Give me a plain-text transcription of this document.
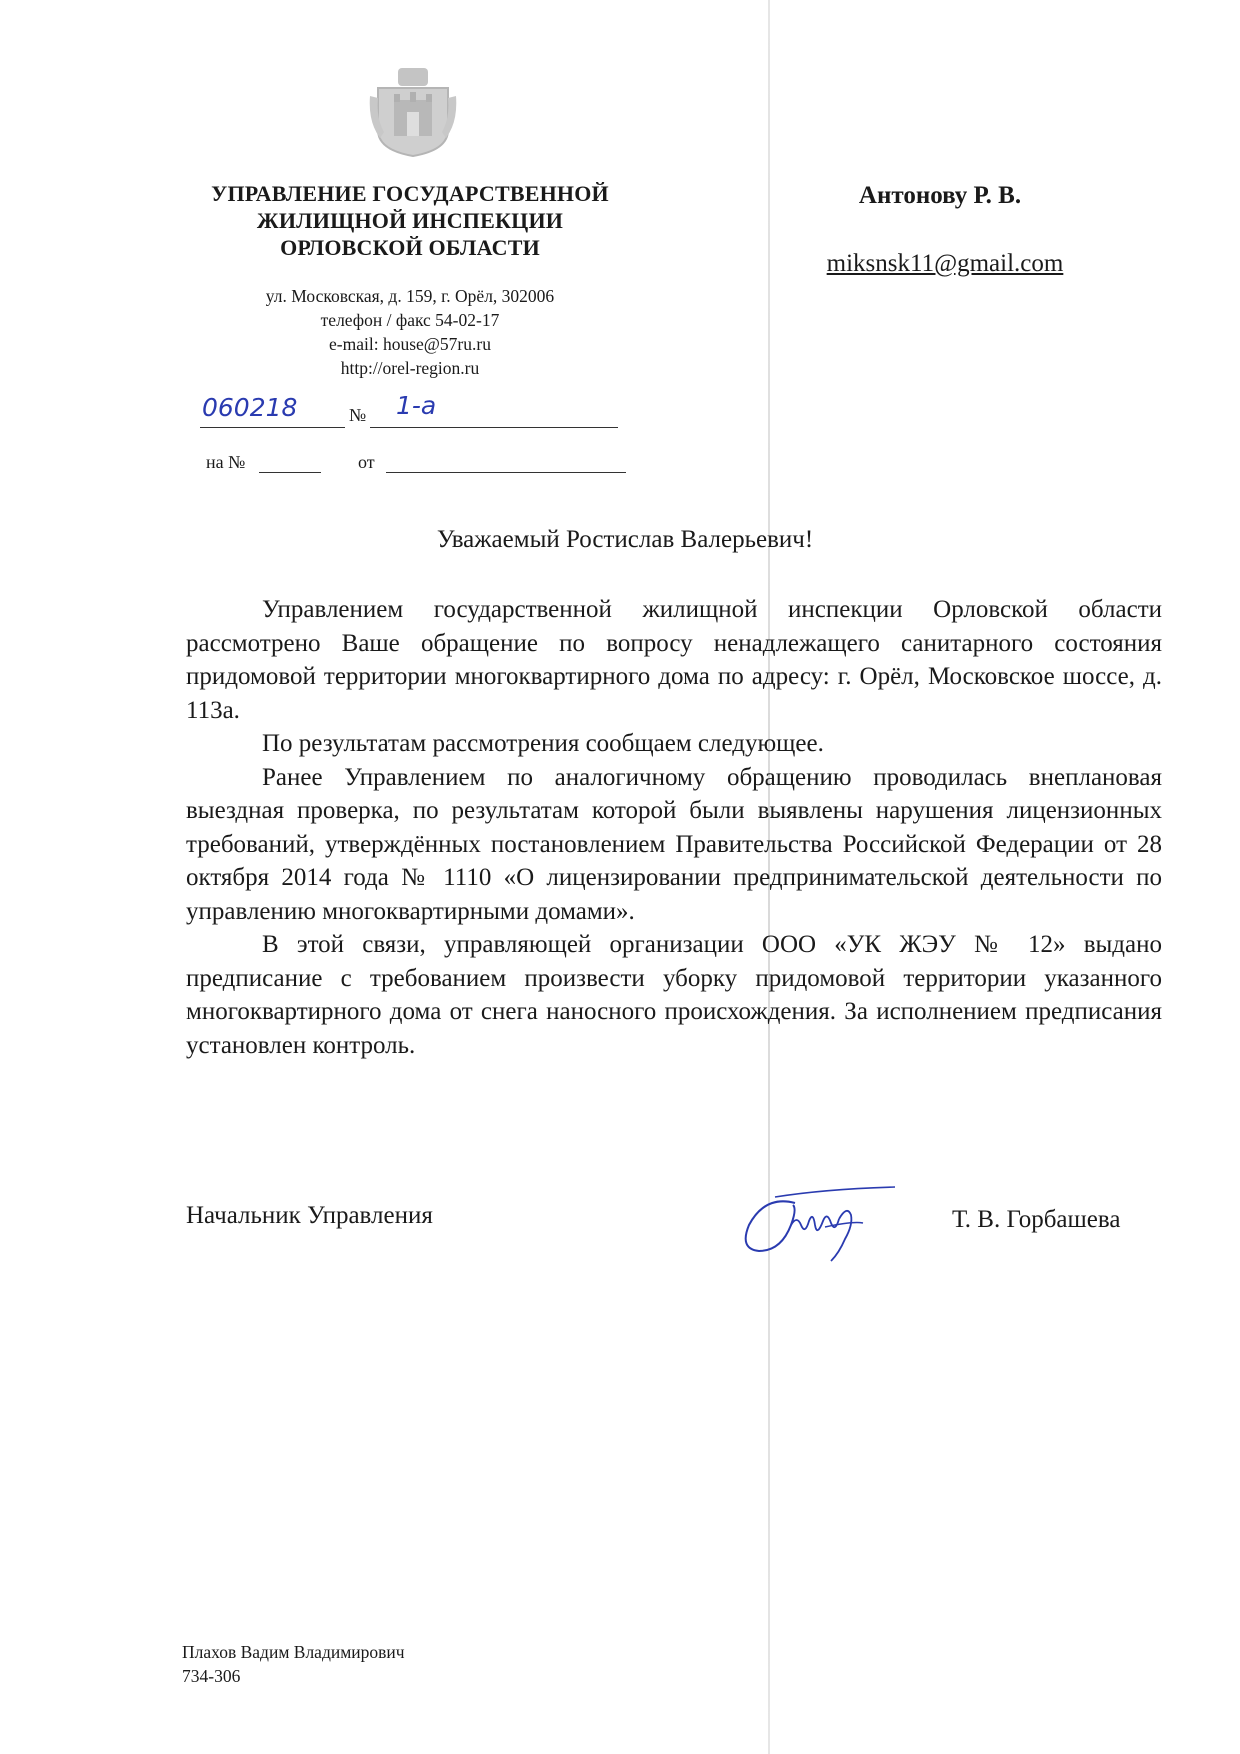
УПРАВЛЕНИЕ ГОСУДАРСТВЕННОЙ
ЖИЛИЩНОЙ ИНСПЕКЦИИ
ОРЛОВСКОЙ ОБЛАСТИ
ул. Московская, д. 159, г. Орёл, 302006
телефон / факс 54-02-17
e-mail: house@57ru.ru
http://orel-region.ru
060218	№ 1-а
на №	от
Антонову Р. В.
miksnsk11@gmail.com
Уважаемый Ростислав Валерьевич!

Управлением государственной жилищной инспекции Орловской области рассмотрено Ваше обращение по вопросу ненадлежащего санитарного состояния придомовой территории многоквартирного дома по адресу: г. Орёл, Московское шоссе, д. 113а.

По результатам рассмотрения сообщаем следующее.

Ранее Управлением по аналогичному обращению проводилась внеплановая выездная проверка, по результатам которой были выявлены нарушения лицензионных требований, утверждённых постановлением Правительства Российской Федерации от 28 октября 2014 года № 1110 «О лицензировании предпринимательской деятельности по управлению многоквартирными домами».

В этой связи, управляющей организации ООО «УК ЖЭУ № 12» выдано предписание с требованием произвести уборку придомовой территории указанного многоквартирного дома от снега наносного происхождения. За исполнением предписания установлен контроль.

Начальник Управления	Т. В. Горбашева
Плахов Вадим Владимирович
734-306
